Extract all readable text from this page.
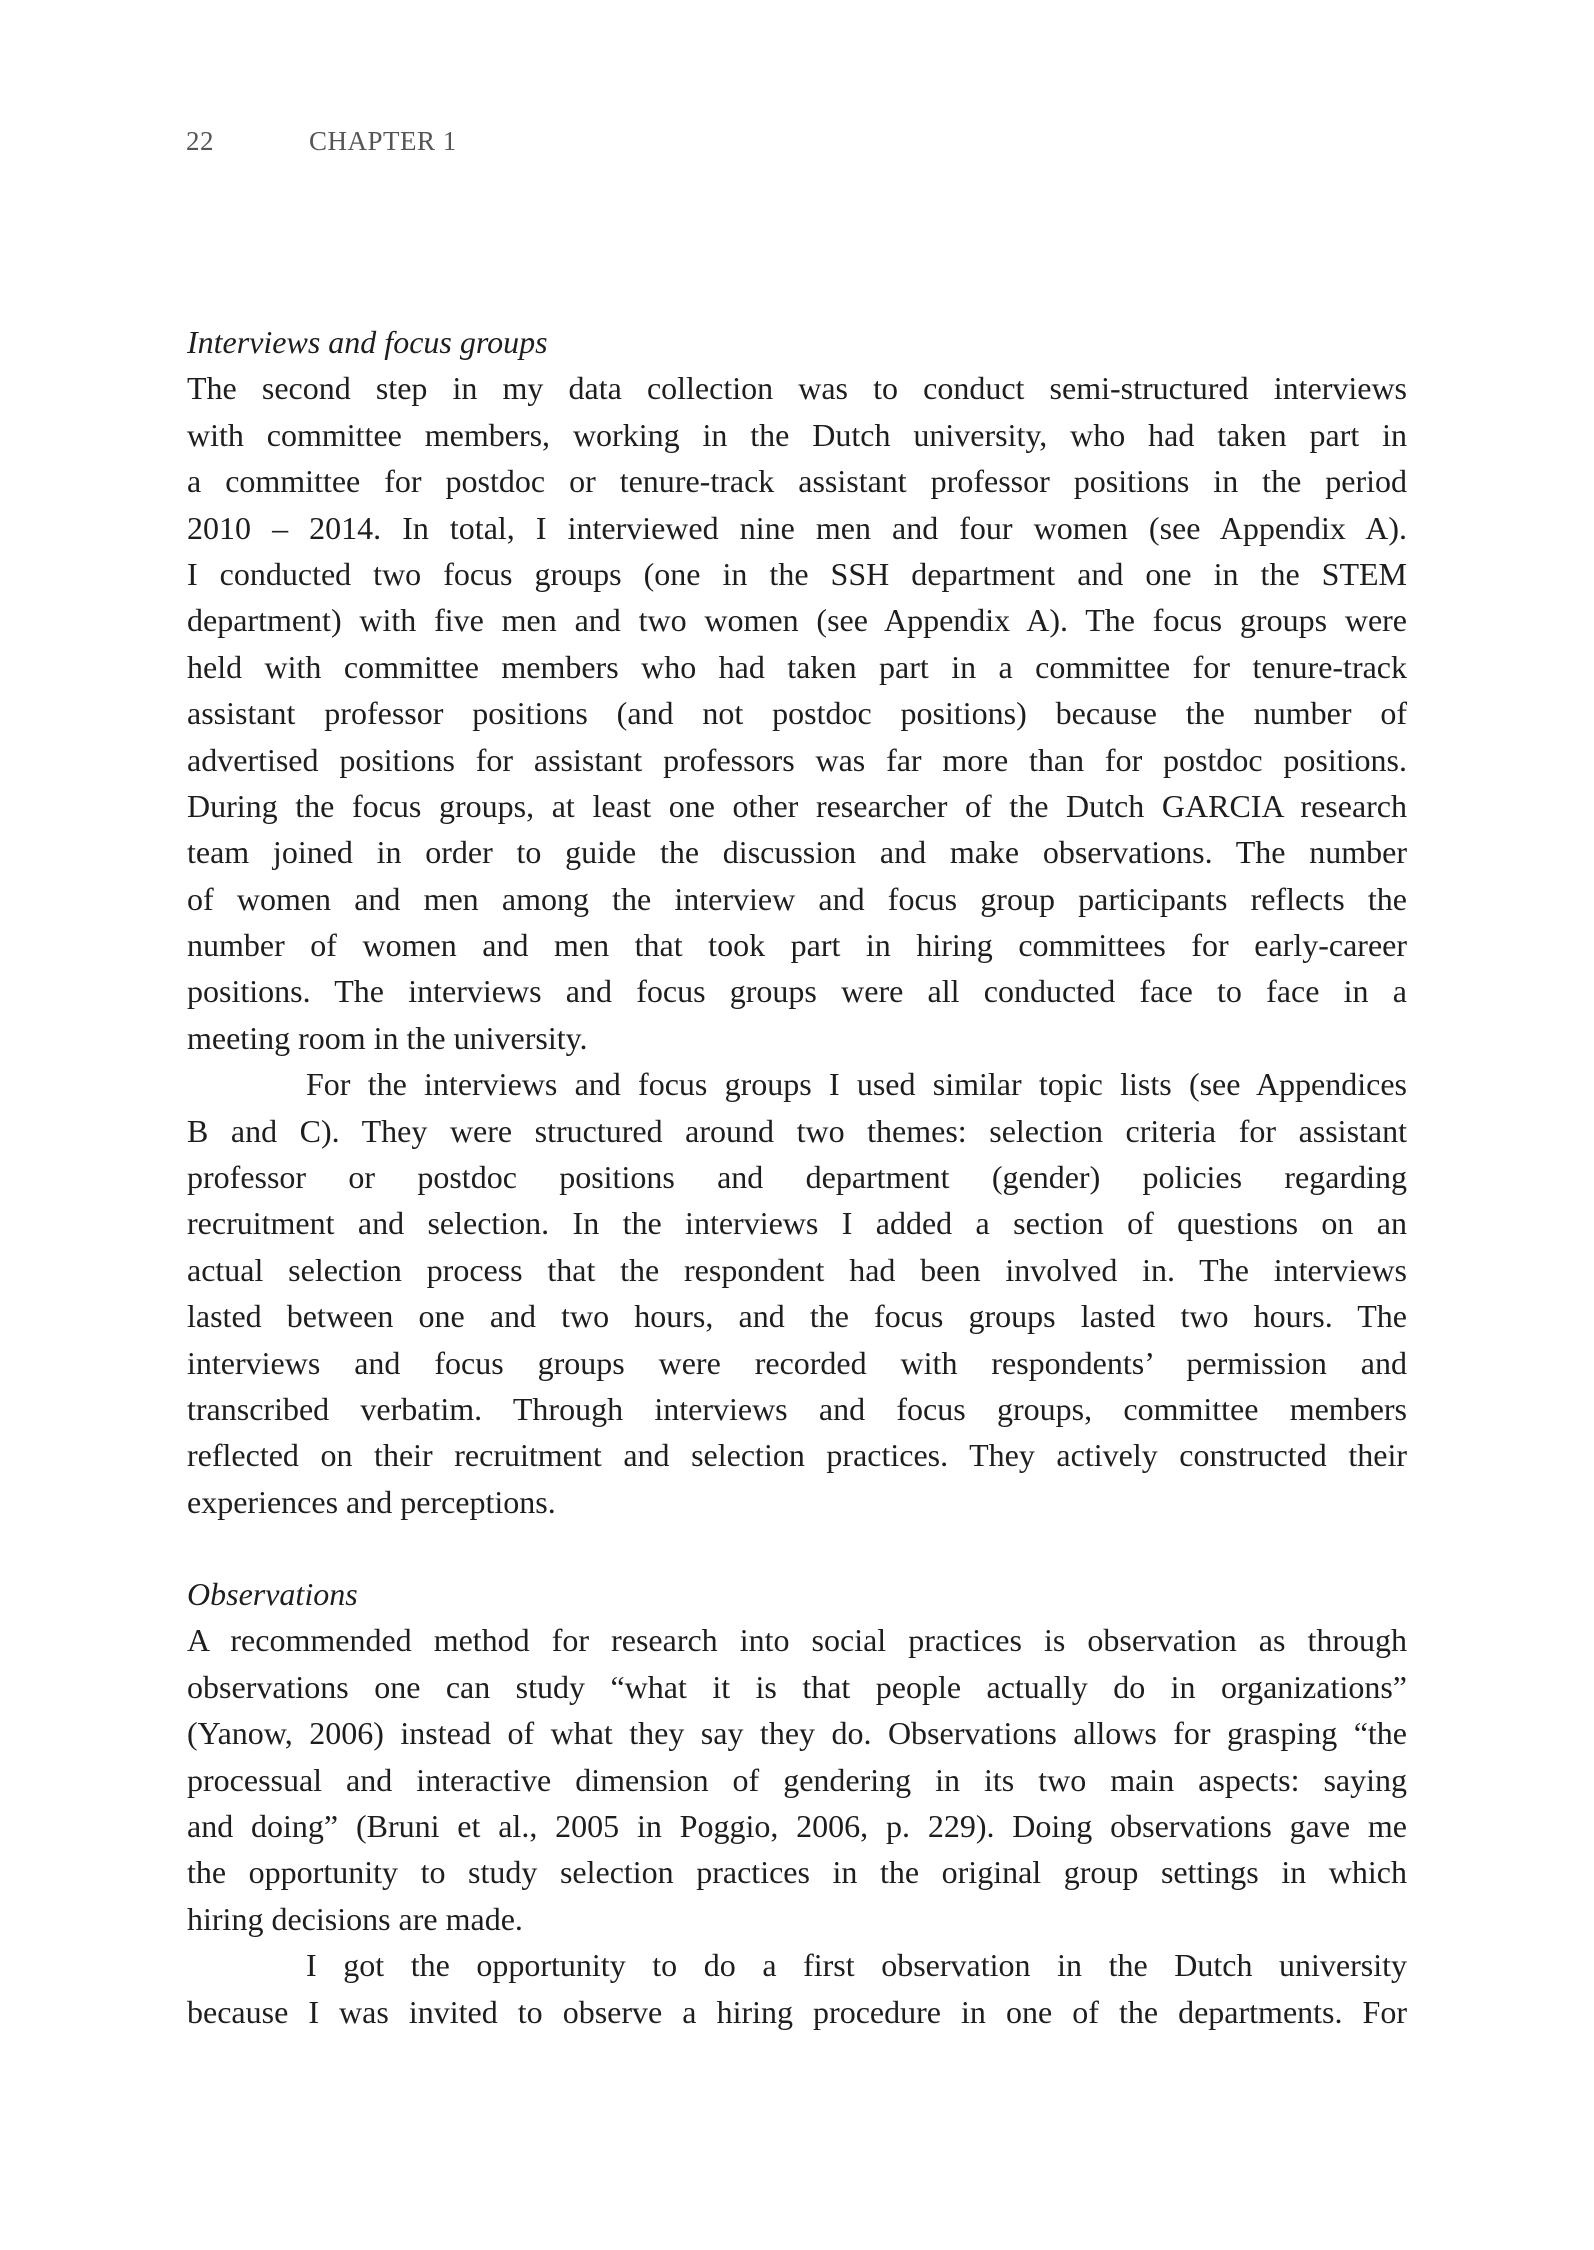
22	CHAPTER 1
Interviews and focus groups
The second step in my data collection was to conduct semi-structured interviews
with committee members, working in the Dutch university, who had taken part in
a committee for postdoc or tenure-track assistant professor positions in the period
2010 – 2014. In total, I interviewed nine men and four women (see Appendix A).
I conducted two focus groups (one in the SSH department and one in the STEM
department) with five men and two women (see Appendix A). The focus groups were
held with committee members who had taken part in a committee for tenure-track
assistant professor positions (and not postdoc positions) because the number of
advertised positions for assistant professors was far more than for postdoc positions.
During the focus groups, at least one other researcher of the Dutch GARCIA research
team joined in order to guide the discussion and make observations. The number
of women and men among the interview and focus group participants reflects the
number of women and men that took part in hiring committees for early-career
positions. The interviews and focus groups were all conducted face to face in a
meeting room in the university.
For the interviews and focus groups I used similar topic lists (see Appendices
B and C). They were structured around two themes: selection criteria for assistant
professor or postdoc positions and department (gender) policies regarding
recruitment and selection. In the interviews I added a section of questions on an
actual selection process that the respondent had been involved in. The interviews
lasted between one and two hours, and the focus groups lasted two hours. The
interviews and focus groups were recorded with respondents’ permission and
transcribed verbatim. Through interviews and focus groups, committee members
reflected on their recruitment and selection practices. They actively constructed their
experiences and perceptions.
Observations
A recommended method for research into social practices is observation as through
observations one can study “what it is that people actually do in organizations”
(Yanow, 2006) instead of what they say they do. Observations allows for grasping “the
processual and interactive dimension of gendering in its two main aspects: saying
and doing” (Bruni et al., 2005 in Poggio, 2006, p. 229). Doing observations gave me
the opportunity to study selection practices in the original group settings in which
hiring decisions are made.
I got the opportunity to do a first observation in the Dutch university
because I was invited to observe a hiring procedure in one of the departments. For
